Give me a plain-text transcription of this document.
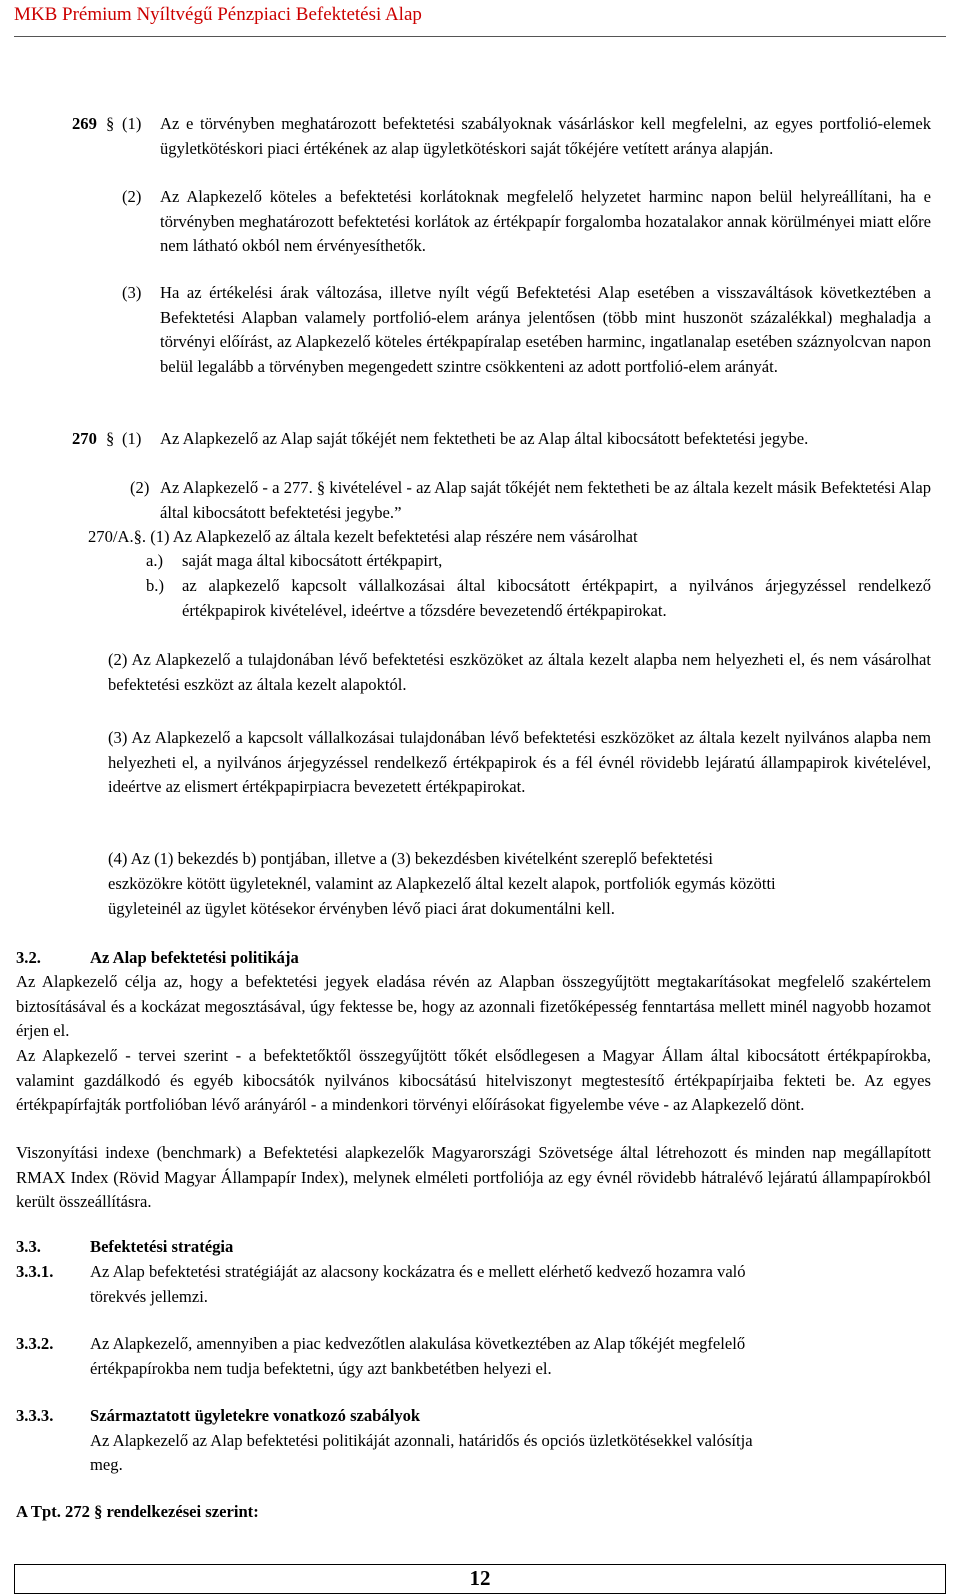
MKB Prémium Nyíltvégű Pénzpiaci Befektetési Alap
269 § (1) Az e törvényben meghatározott befektetési szabályoknak vásárláskor kell megfelelni, az egyes portfolió-elemek ügyletkötéskori piaci értékének az alap ügyletkötéskori saját tőkéjére vetített aránya alapján.
(2) Az Alapkezelő köteles a befektetési korlátoknak megfelelő helyzetet harminc napon belül helyreállítani, ha e törvényben meghatározott befektetési korlátok az értékpapír forgalomba hozatalakor annak körülményei miatt előre nem látható okból nem érvényesíthetők.
(3) Ha az értékelési árak változása, illetve nyílt végű Befektetési Alap esetében a visszaváltások következtében a Befektetési Alapban valamely portfolió-elem aránya jelentősen (több mint huszonöt százalékkal) meghaladja a törvényi előírást, az Alapkezelő köteles értékpapíralap esetében harminc, ingatlanalap esetében száznyolcvan napon belül legalább a törvényben megengedett szintre csökkenteni az adott portfolió-elem arányát.
270 § (1) Az Alapkezelő az Alap saját tőkéjét nem fektetheti be az Alap által kibocsátott befektetési jegybe.
(2) Az Alapkezelő - a 277. § kivételével - az Alap saját tőkéjét nem fektetheti be az általa kezelt másik Befektetési Alap által kibocsátott befektetési jegybe.”
270/A.§. (1) Az Alapkezelő az általa kezelt befektetési alap részére nem vásárolhat
a.) saját maga által kibocsátott értékpapirt,
b.) az alapkezelő kapcsolt vállalkozásai által kibocsátott értékpapirt, a nyilvános árjegyzéssel rendelkező értékpapirok kivételével, ideértve a tőzsdére bevezetendő értékpapirokat.
(2) Az Alapkezelő a tulajdonában lévő befektetési eszközöket az általa kezelt alapba nem helyezheti el, és nem vásárolhat befektetési eszközt az általa kezelt alapoktól.
(3) Az Alapkezelő a kapcsolt vállalkozásai tulajdonában lévő befektetési eszközöket az általa kezelt nyilvános alapba nem helyezheti el, a nyilvános árjegyzéssel rendelkező értékpapirok és a fél évnél rövidebb lejáratú állampapirok kivételével, ideértve az elismert értékpapirpiacra bevezetett értékpapirokat.
(4) Az (1) bekezdés b) pontjában, illetve a (3) bekezdésben kivételként szereplő befektetési
eszközökre kötött ügyleteknél, valamint az Alapkezelő által kezelt alapok, portfoliók egymás közötti
ügyleteinél az ügylet kötésekor érvényben lévő piaci árat dokumentálni kell.
3.2.	Az Alap befektetési politikája
Az Alapkezelő célja az, hogy a befektetési jegyek eladása révén az Alapban összegyűjtött megtakarításokat megfelelő szakértelem biztosításával és a kockázat megosztásával, úgy fektesse be, hogy az azonnali fizetőképesség fenntartása mellett minél nagyobb hozamot érjen el.
Az Alapkezelő - tervei szerint - a befektetőktől összegyűjtött tőkét elsődlegesen a Magyar Állam által kibocsátott értékpapírokba, valamint gazdálkodó és egyéb kibocsátók nyilvános kibocsátású hitelviszonyt megtestesítő értékpapírjaiba fekteti be. Az egyes értékpapírfajták portfolióban lévő arányáról - a mindenkori törvényi előírásokat figyelembe véve - az Alapkezelő dönt.
Viszonyítási indexe (benchmark) a Befektetési alapkezelők Magyarországi Szövetsége által létrehozott és minden nap megállapított RMAX Index (Rövid Magyar Állampapír Index), melynek elméleti portfoliója az egy évnél rövidebb hátralévő lejáratú állampapírokból került összeállításra.
3.3.	Befektetési stratégia
3.3.1. Az Alap befektetési stratégiáját az alacsony kockázatra és e mellett elérhető kedvező hozamra való
törekvés jellemzi.
3.3.2. Az Alapkezelő, amennyiben a piac kedvezőtlen alakulása következtében az Alap tőkéjét megfelelő
értékpapírokba nem tudja befektetni, úgy azt bankbetétben helyezi el.
3.3.3. Származtatott ügyletekre vonatkozó szabályok
Az Alapkezelő az Alap befektetési politikáját azonnali, határidős és opciós üzletkötésekkel valósítja
meg.
A Tpt. 272 § rendelkezései szerint:
12
